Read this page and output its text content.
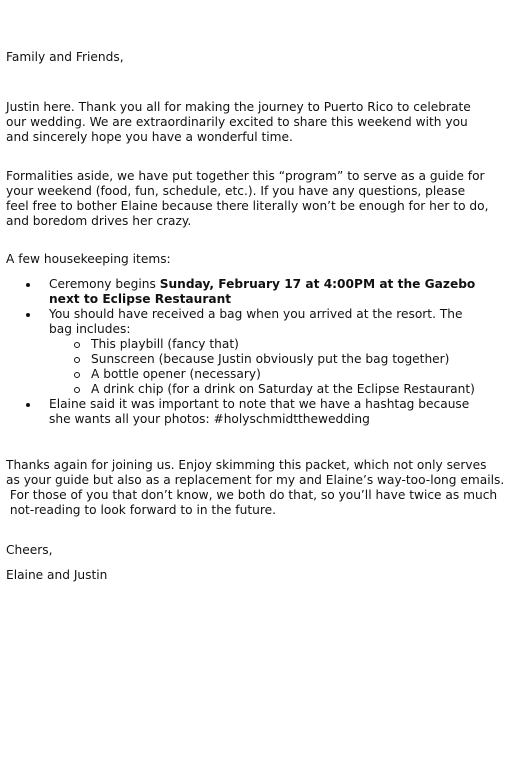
Family and Friends,

Justin here. Thank you all for making the journey to Puerto Rico to celebrate
our wedding. We are extraordinarily excited to share this weekend with you
and sincerely hope you have a wonderful time.
Formalities aside, we have put together this “program” to serve as a guide for
your weekend (food, fun, schedule, etc.). If you have any questions, please
feel free to bother Elaine because there literally won’t be enough for her to do,
and boredom drives her crazy.

A few housekeeping items:

Ceremony begins Sunday, February 17 at 4:00PM at the Gazebo
next to Eclipse Restaurant
You should have received a bag when you arrived at the resort. The
bag includes:
This playbill (fancy that)
Sunscreen (because Justin obviously put the bag together)
A bottle opener (necessary)
A drink chip (for a drink on Saturday at the Eclipse Restaurant)
Elaine said it was important to note that we have a hashtag because
she wants all your photos: #holyschmidtthewedding
Thanks again for joining us. Enjoy skimming this packet, which not only serves
as your guide but also as a replacement for my and Elaine’s way-too-long emails.
For those of you that don’t know, we both do that, so you’ll have twice as much
not-reading to look forward to in the future.

Cheers,

Elaine and Justin
